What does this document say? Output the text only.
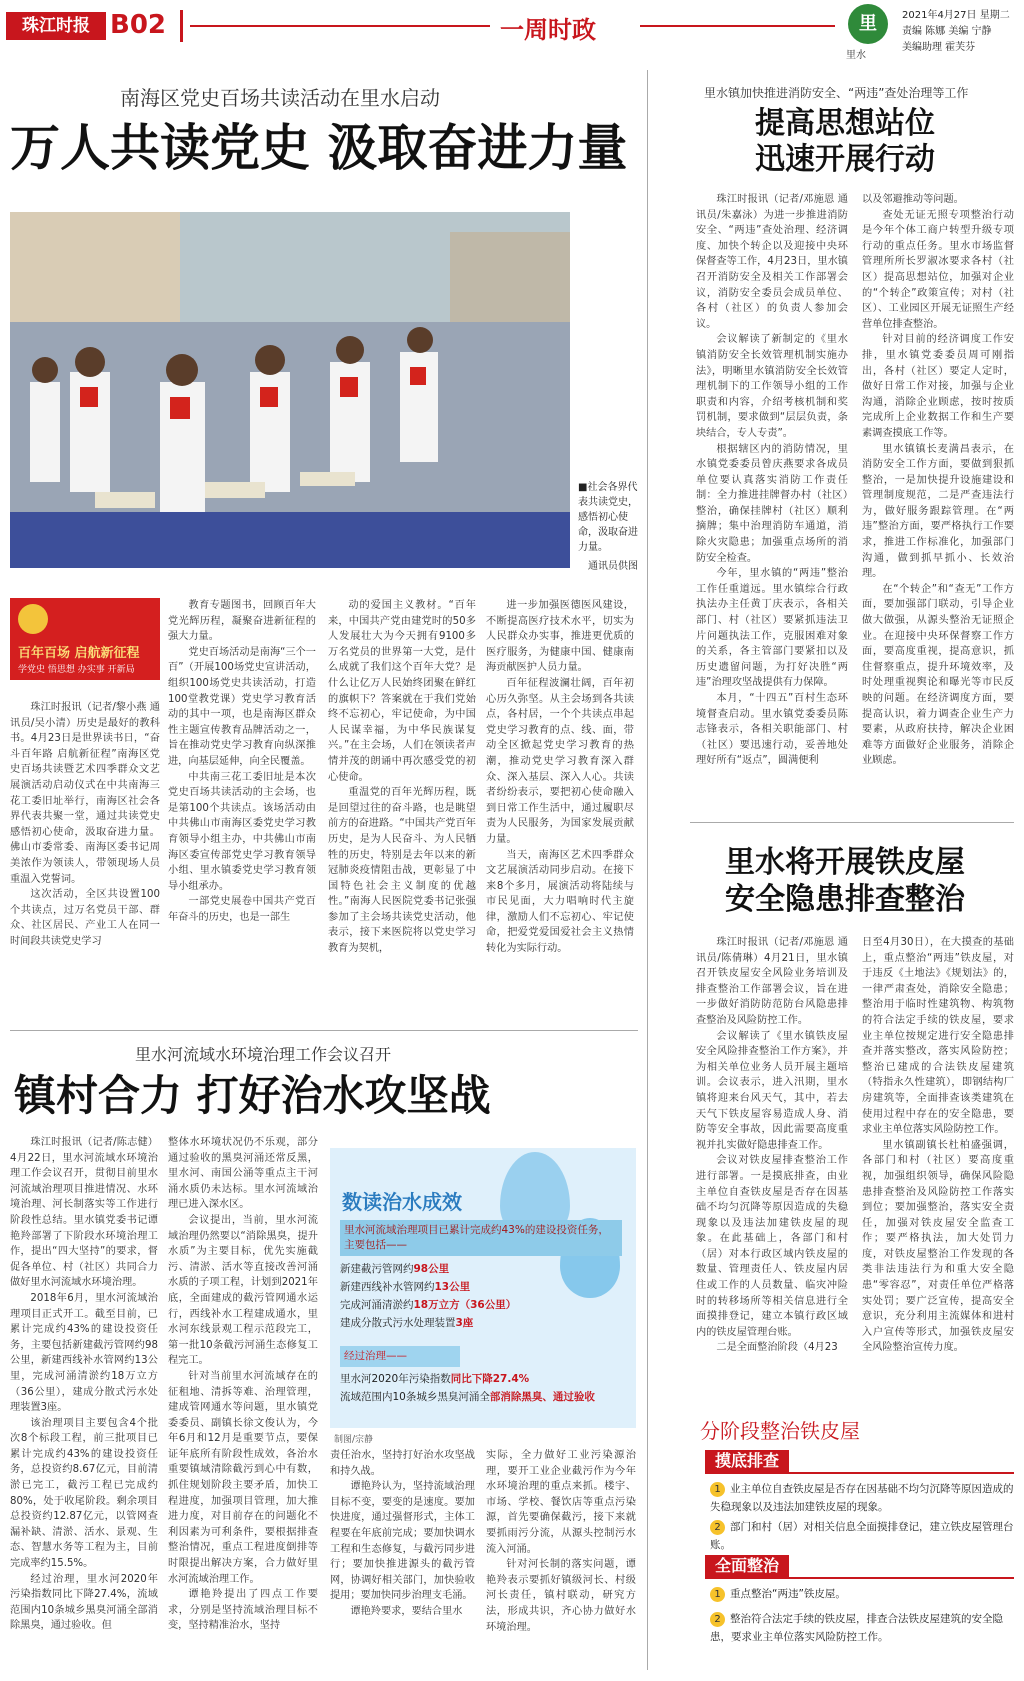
珠江时报 B02	一周时政	里
里水
2021年4月27日 星期二
责编 陈娜 美编 宁静
美编助理 霍芙芬
南海区党史百场共读活动在里水启动
万人共读党史 汲取奋进力量
■社会各界代表共读党史，感悟初心使命，汲取奋进力量。
通讯员供图
百年百场 启航新征程
学党史 悟思想 办实事 开新局

珠江时报讯（记者/黎小燕 通讯员/吴小清）历史是最好的教科书。4月23日是世界读书日，“奋斗百年路 启航新征程”南海区党史百场共读暨艺术四季群众文艺展演活动启动仪式在中共南海三花工委旧址举行，南海区社会各界代表共聚一堂，通过共读党史感悟初心使命，汲取奋进力量。佛山市委常委、南海区委书记周美浓作为领读人，带领现场人员重温入党誓词。

这次活动，全区共设置100个共读点，过万名党员干部、群众、社区居民、产业工人在同一时间段共读党史学习

教育专题图书，回顾百年大党光辉历程，凝聚奋进新征程的强大力量。

党史百场活动是南海“三个一百”（开展100场党史宣讲活动，组织100场党史共读活动，打造100堂教党课）党史学习教育活动的其中一项，也是南海区群众性主题宣传教育品牌活动之一，旨在推动党史学习教育向纵深推进，向基层延伸，向全民覆盖。

中共南三花工委旧址是本次党史百场共读活动的主会场，也是第100个共读点。该场活动由中共佛山市南海区委党史学习教育领导小组主办，中共佛山市南海区委宣传部党史学习教育领导小组、里水镇委党史学习教育领导小组承办。

一部党史展卷中国共产党百年奋斗的历史，也是一部生

动的爱国主义教材。“百年来，中国共产党由建党时的50多人发展壮大为今天拥有9100多万名党员的世界第一大党，是什么成就了我们这个百年大党？是什么让亿万人民始终团聚在鲜红的旗帜下？答案就在于我们党始终不忘初心，牢记使命，为中国人民谋幸福，为中华民族谋复兴。”在主会场，人们在领读者声情并茂的朗诵中再次感受党的初心使命。

重温党的百年光辉历程，既是回望过往的奋斗路，也是眺望前方的奋进路。“中国共产党百年历史，是为人民奋斗、为人民牺牲的历史，特别是去年以来的新冠肺炎疫情阻击战，更彰显了中国特色社会主义制度的优越性。”南海人民医院党委书记张强参加了主会场共读党史活动，他表示，接下来医院将以党史学习教育为契机，

进一步加强医德医风建设，不断提高医疗技术水平，切实为人民群众办实事，推进更优质的医疗服务，为健康中国、健康南海贡献医护人员力量。

百年征程波澜壮阔，百年初心历久弥坚。从主会场到各共读点，各村居，一个个共读点串起党史学习教育的点、线、面，带动全区掀起党史学习教育的热潮，推动党史学习教育深入群众、深入基层、深入人心。共读者纷纷表示，要把初心使命融入到日常工作生活中，通过履职尽责为人民服务，为国家发展贡献力量。

当天，南海区艺术四季群众文艺展演活动同步启动。在接下来8个多月，展演活动将陆续与市民见面，大力唱响时代主旋律，激励人们不忘初心、牢记使命，把爱党爱国爱社会主义热情转化为实际行动。

里水镇加快推进消防安全、“两违”查处治理等工作
提高思想站位
迅速开展行动

珠江时报讯（记者/邓施恩 通讯员/朱嘉泳）为进一步推进消防安全、“两违”查处治理、经济调度、加快个转企以及迎接中央环保督查等工作，4月23日，里水镇召开消防安全及相关工作部署会议，消防安全委员会成员单位、各村（社区）的负责人参加会议。

会议解读了新制定的《里水镇消防安全长效管理机制实施办法》，明晰里水镇消防安全长效管理机制下的工作领导小组的工作职责和内容，介绍考核机制和奖罚机制，要求做到“层层负责，条块结合，专人专责”。

根据辖区内的消防情况，里水镇党委委员曾庆燕要求各成员单位要认真落实消防工作责任制：全力推进挂牌督办村（社区）整治，确保挂牌村（社区）顺利摘牌；集中治理消防车通道，消除火灾隐患；加强重点场所的消防安全检查。

今年，里水镇的“两违”整治工作任重道远。里水镇综合行政执法办主任黄丁庆表示，各相关部门、村（社区）要紧抓违法卫片问题执法工作，克服困难对象的关系，各主管部门要紧扣以及历史遗留问题，为打好决胜“两违”治理攻坚战提供有力保障。

本月，“十四五”百村生态环境督查启动。里水镇党委委员陈志锋表示，各相关职能部门、村（社区）要迅速行动，妥善地处理好所有“返点”，圆满便利

以及邻避推动等问题。

查处无证无照专项整治行动是今年个体工商户转型升级专项行动的重点任务。里水市场监督管理所所长罗淑冰要求各村（社区）提高思想站位，加强对企业的“个转企”政策宣传；对村（社区）、工业园区开展无证照生产经营单位排查整治。

针对目前的经济调度工作安排，里水镇党委委员周可刚指出，各村（社区）要定人定时，做好日常工作对接，加强与企业沟通，消除企业顾虑，按时按质完成所上企业数据工作和生产要素调查摸底工作等。

里水镇镇长麦满昌表示，在消防安全工作方面，要做到狠抓整治，一是加快提升设施建设和管理制度规范，二是严查违法行为，做好服务跟踪管理。在“两违”整治方面，要严格执行工作要求，推进工作标准化，加强部门沟通，做到抓早抓小、长效治理。

在“个转企”和“查无”工作方面，要加强部门联动，引导企业做大做强，从源头整治无证照企业。在迎接中央环保督察工作方面，要高度重视，提高意识，抓住督察重点，提升环境效率，及时处理重视舆论和曝光等市民反映的问题。在经济调度方面，要提高认识，着力调查企业生产力要素，从政府扶持，解决企业困难等方面做好企业服务，消除企业顾虑。

里水将开展铁皮屋
安全隐患排查整治

珠江时报讯（记者/邓施恩 通讯员/陈倩琳）4月21日，里水镇召开铁皮屋安全风险业务培训及排查整治工作部署会议，旨在进一步做好消防防范防台风隐患排查整治及风险防控工作。

会议解读了《里水镇铁皮屋安全风险排查整治工作方案》，并为相关单位业务人员开展主题培训。会议表示，进入汛期，里水镇将迎来台风天气，其中，若去天气下铁皮屋容易造成人身、消防等安全事故，因此需要高度重视并扎实做好隐患排查工作。

会议对铁皮屋排查整治工作进行部署。一是摸底排查，由业主单位自查铁皮屋是否存在因基础不均匀沉降等原因造成的失稳现象以及违法加建铁皮屋的现象。在此基础上，各部门和村（居）对本行政区域内铁皮屋的数量、管理责任人、铁皮屋内居住或工作的人员数量、临灾冲险时的转移场所等相关信息进行全面摸排登记，建立本镇行政区域内的铁皮屋管理台账。

二是全面整治阶段（4月23

日至4月30日），在大摸查的基础上，重点整治“两违”铁皮屋，对于违反《土地法》《规划法》的，一律严肃查处，消除安全隐患；整治用于临时性建筑物、构筑物的符合法定手续的铁皮屋，要求业主单位按规定进行安全隐患排查并落实整改，落实风险防控；整治已建成的合法铁皮屋建筑（特指永久性建筑），即钢结构厂房建筑等，全面排查该类建筑在使用过程中存在的安全隐患，要求业主单位落实风险防控工作。

里水镇副镇长杜柏盛强调，各部门和村（社区）要高度重视，加强组织领导，确保风险隐患排查整治及风险防控工作落实到位；要加强整治，落实安全责任，加强对铁皮屋安全监查工作；要严格执法，加大处罚力度，对铁皮屋整治工作发现的各类非法违法行为和重大安全隐患“零容忍”，对责任单位严格落实处罚；要广泛宣传，提高安全意识，充分利用主流媒体和进村入户宣传等形式，加强铁皮屋安全风险整治宣传力度。

分阶段整治铁皮屋
摸底排查
1 业主单位自查铁皮屋是否存在因基础不均匀沉降等原因造成的失稳现象以及违法加建铁皮屋的现象。
2 部门和村（居）对相关信息全面摸排登记，建立铁皮屋管理台账。
全面整治
1 重点整治“两违”铁皮屋。
2 整治符合法定手续的铁皮屋，排查合法铁皮屋建筑的安全隐患，要求业主单位落实风险防控工作。
里水河流域水环境治理工作会议召开
镇村合力 打好治水攻坚战

珠江时报讯（记者/陈志健）4月22日，里水河流域水环境治理工作会议召开，贯彻目前里水河流域治理项目推进情况、水环境治理、河长制落实等工作进行阶段性总结。里水镇党委书记谭艳羚部署了下阶段水环境治理工作，提出“四大坚持”的要求，督促各单位、村（社区）共同合力做好里水河流域水环境治理。

2018年6月，里水河流域治理项目正式开工。截至目前，已累计完成约43%的建设投资任务，主要包括新建截污管网约98公里，新建西线补水管网约13公里，完成河涌清淤约18万立方（36公里），建成分散式污水处理装置3座。

该治理项目主要包含4个批次8个标段工程，前三批项目已累计完成约43%的建设投资任务，总投资约8.67亿元，目前清淤已完工，截污工程已完成约80%，处于收尾阶段。剩余项目总投资约12.87亿元，以管网查漏补缺、清淤、活水、景观、生态、智慧水务等工程为主，目前完成率约15.5%。

经过治理，里水河2020年污染指数同比下降27.4%，流域范围内10条城乡黑臭河涌全部消除黑臭，通过验收。但

整体水环境状况仍不乐观，部分通过验收的黑臭河涌还常反黑，里水河、南国公涌等重点主干河涌水质仍未达标。里水河流域治理已进入深水区。

会议提出，当前，里水河流域治理仍然要以“消除黑臭，提升水质”为主要目标，优先实施截污、清淤、活水等直接改善河涌水质的子项工程，计划到2021年底，全面建成的截污管网通水运行，西线补水工程建成通水，里水河东线景观工程示范段完工，第一批10条截污河涌生态修复工程完工。

针对当前里水河流域存在的征租地、清拆等难、治理管理，建成管网通水等问题，里水镇党委委员、副镇长徐文俊认为，今年6月和12月是重要节点，要保证年底所有阶段性成效，各治水重要镇域清除截污到心中有数，抓住规划阶段主要矛盾，加快工程进度，加强项目管理，加大推进力度，对目前存在的问题化不利因素为可利条件，要根据排查整治情况，重点工程进度倒排等时限提出解决方案，合力做好里水河流域治理工作。

谭艳羚提出了四点工作要求，分别是坚持流域治理目标不变，坚持精准治水，坚持

数读治水成效
里水河流域治理项目已累计完成约43%的建设投资任务，主要包括——
新建截污管网约98公里
新建西线补水管网约13公里
完成河涌清淤约18万立方（36公里）
建成分散式污水处理装置3座
经过治理——
里水河2020年污染指数同比下降27.4%
流域范围内10条城乡黑臭河涌全部消除黑臭、通过验收
制图/宗静

责任治水，坚持打好治水攻坚战和持久战。

谭艳羚认为，坚持流域治理目标不变，要变的是速度。要加快进度，通过强督形式，主体工程要在年底前完成；要加快调水工程和生态修复，与截污同步进行；要加快推进源头的截污管网，协调好相关部门，加快验收提用；要加快同步治理支毛涌。

谭艳羚要求，要结合里水

实际，全力做好工业污染源治理，要开工业企业截污作为今年水环境治理的重点来抓。楼宇、市场、学校、餐饮店等重点污染源，首先要确保截污，接下来就要抓雨污分流，从源头控制污水流入河涌。

针对河长制的落实问题，谭艳羚表示要抓好镇级河长、村级河长责任，镇村联动，研究方法，形成共识，齐心协力做好水环境治理。
